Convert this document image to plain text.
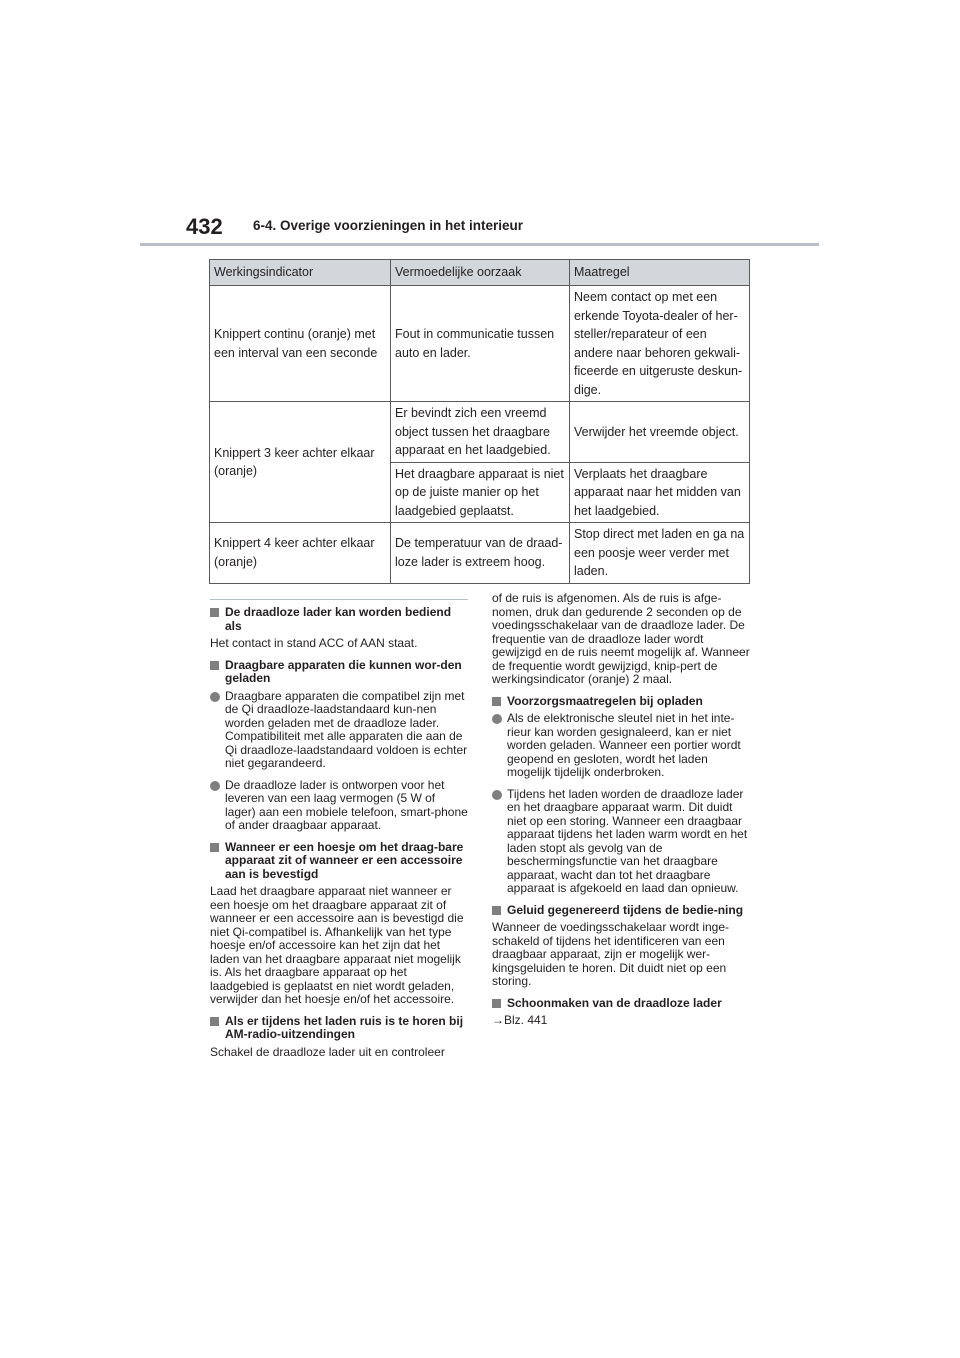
432 6-4. Overige voorzieningen in het interieur
Werkingsindicator	Vermoedelijke oorzaak	Maatregel
Knippert continu (oranje) met een interval van een seconde	Fout in communicatie tussen auto en lader.	Neem contact op met een erkende Toyota-dealer of her-steller/reparateur of een andere naar behoren gekwali-ficeerde en uitgeruste deskun-dige.
Knippert 3 keer achter elkaar (oranje)	Er bevindt zich een vreemd object tussen het draagbare apparaat en het laadgebied.	Verwijder het vreemde object.
	Het draagbare apparaat is niet op de juiste manier op het laadgebied geplaatst.	Verplaats het draagbare apparaat naar het midden van het laadgebied.
Knippert 4 keer achter elkaar (oranje)	De temperatuur van de draad-loze lader is extreem hoog.	Stop direct met laden en ga na een poosje weer verder met laden.
De draadloze lader kan worden bediend als
Het contact in stand ACC of AAN staat.
Draagbare apparaten die kunnen wor-den geladen
Draagbare apparaten die compatibel zijn met de Qi draadloze-laadstandaard kun-nen worden geladen met de draadloze lader. Compatibiliteit met alle apparaten die aan de Qi draadloze-laadstandaard voldoen is echter niet gegarandeerd.
De draadloze lader is ontworpen voor het leveren van een laag vermogen (5 W of lager) aan een mobiele telefoon, smart-phone of ander draagbaar apparaat.
Wanneer er een hoesje om het draag-bare apparaat zit of wanneer er een accessoire aan is bevestigd
Laad het draagbare apparaat niet wanneer er een hoesje om het draagbare apparaat zit of wanneer er een accessoire aan is bevestigd die niet Qi-compatibel is. Afhankelijk van het type hoesje en/of accessoire kan het zijn dat het laden van het draagbare apparaat niet mogelijk is. Als het draagbare apparaat op het laadgebied is geplaatst en niet wordt geladen, verwijder dan het hoesje en/of het accessoire.
Als er tijdens het laden ruis is te horen bij AM-radio-uitzendingen
Schakel de draadloze lader uit en controleer
of de ruis is afgenomen. Als de ruis is afge-nomen, druk dan gedurende 2 seconden op de voedingsschakelaar van de draadloze lader. De frequentie van de draadloze lader wordt gewijzigd en de ruis neemt mogelijk af. Wanneer de frequentie wordt gewijzigd, knip-pert de werkingsindicator (oranje) 2 maal.
Voorzorgsmaatregelen bij opladen
Als de elektronische sleutel niet in het inte-rieur kan worden gesignaleerd, kan er niet worden geladen. Wanneer een portier wordt geopend en gesloten, wordt het laden mogelijk tijdelijk onderbroken.
Tijdens het laden worden de draadloze lader en het draagbare apparaat warm. Dit duidt niet op een storing. Wanneer een draagbaar apparaat tijdens het laden warm wordt en het laden stopt als gevolg van de beschermingsfunctie van het draagbare apparaat, wacht dan tot het draagbare apparaat is afgekoeld en laad dan opnieuw.
Geluid gegenereerd tijdens de bedie-ning
Wanneer de voedingsschakelaar wordt inge-schakeld of tijdens het identificeren van een draagbaar apparaat, zijn er mogelijk wer-kingsgeluiden te horen. Dit duidt niet op een storing.
Schoonmaken van de draadloze lader
→Blz. 441
